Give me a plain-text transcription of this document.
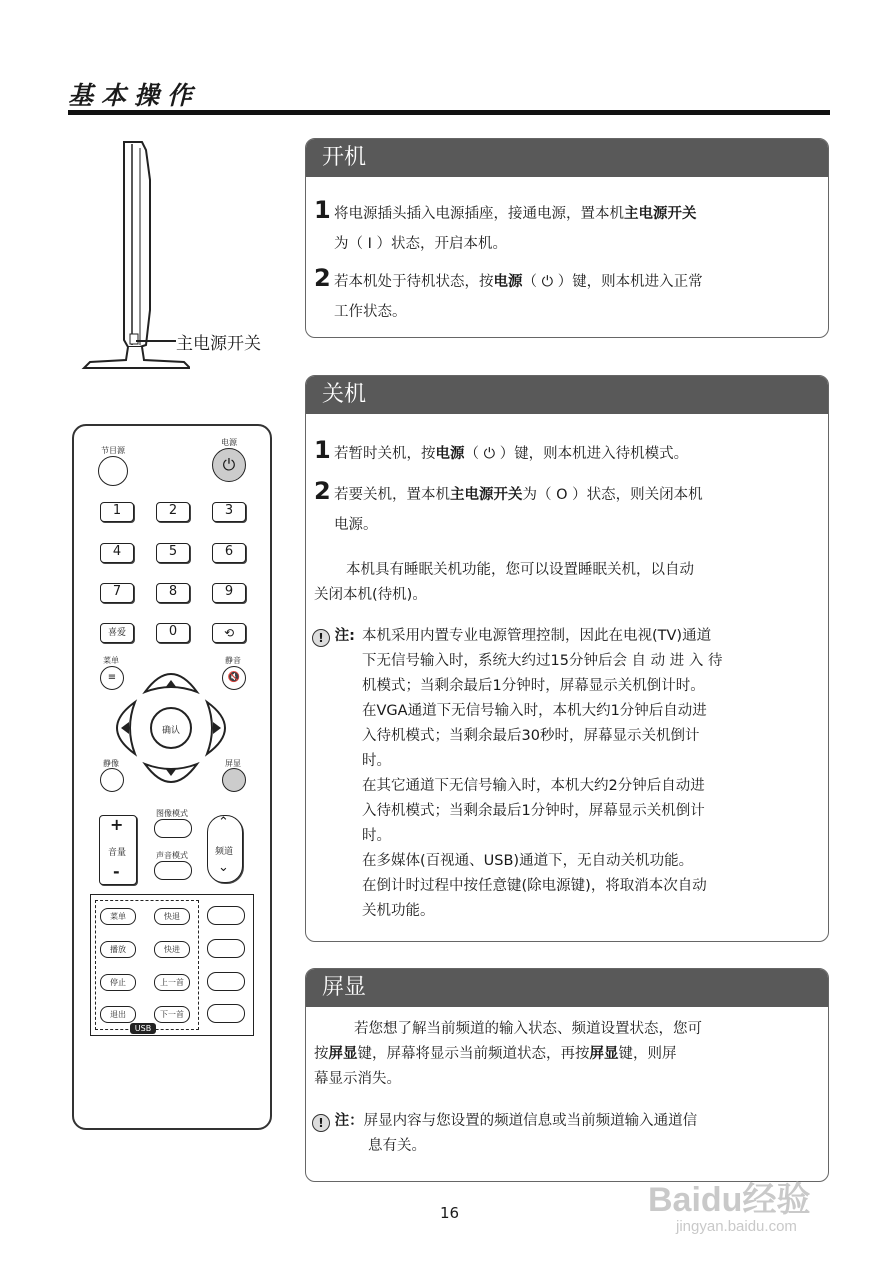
基本操作
主电源开关
开机
1 将电源插头插入电源插座，接通电源，置本机主电源开关
为（ I ）状态，开启本机。
2 若本机处于待机状态，按电源（ ⏻ ）键，则本机进入正常
工作状态。
关机
1 若暂时关机，按电源（ ⏻ ）键，则本机进入待机模式。
2 若要关机，置本机主电源开关为（ O ）状态，则关闭本机
电源。
本机具有睡眠关机功能，您可以设置睡眠关机，以自动
关闭本机(待机)。
! 注: 本机采用内置专业电源管理控制，因此在电视(TV)通道
下无信号输入时，系统大约过15分钟后会 自 动 进 入 待
机模式；当剩余最后1分钟时，屏幕显示关机倒计时。
在VGA通道下无信号输入时，本机大约1分钟后自动进
入待机模式；当剩余最后30秒时，屏幕显示关机倒计
时。
在其它通道下无信号输入时，本机大约2分钟后自动进
入待机模式；当剩余最后1分钟时，屏幕显示关机倒计
时。
在多媒体(百视通、USB)通道下，无自动关机功能。
在倒计时过程中按任意键(除电源键)，将取消本次自动
关机功能。
屏显
若您想了解当前频道的输入状态、频道设置状态，您可
按屏显键，屏幕将显示当前频道状态，再按屏显键，则屏
幕显示消失。
! 注：屏显内容与您设置的频道信息或当前频道输入通道信
息有关。
节目源
电源
⏻
1	2	3
4	5	6
7	8	9
喜爱	0	⟲
菜单
≡
静音
🔇
确认
静像	屏显
图像模式
声音模式
+
音量
-
⌃
频道
⌄
菜单	快退
播放	快进
停止	上一首
退出	下一首
USB
16	Baidu经验
jingyan.baidu.com
